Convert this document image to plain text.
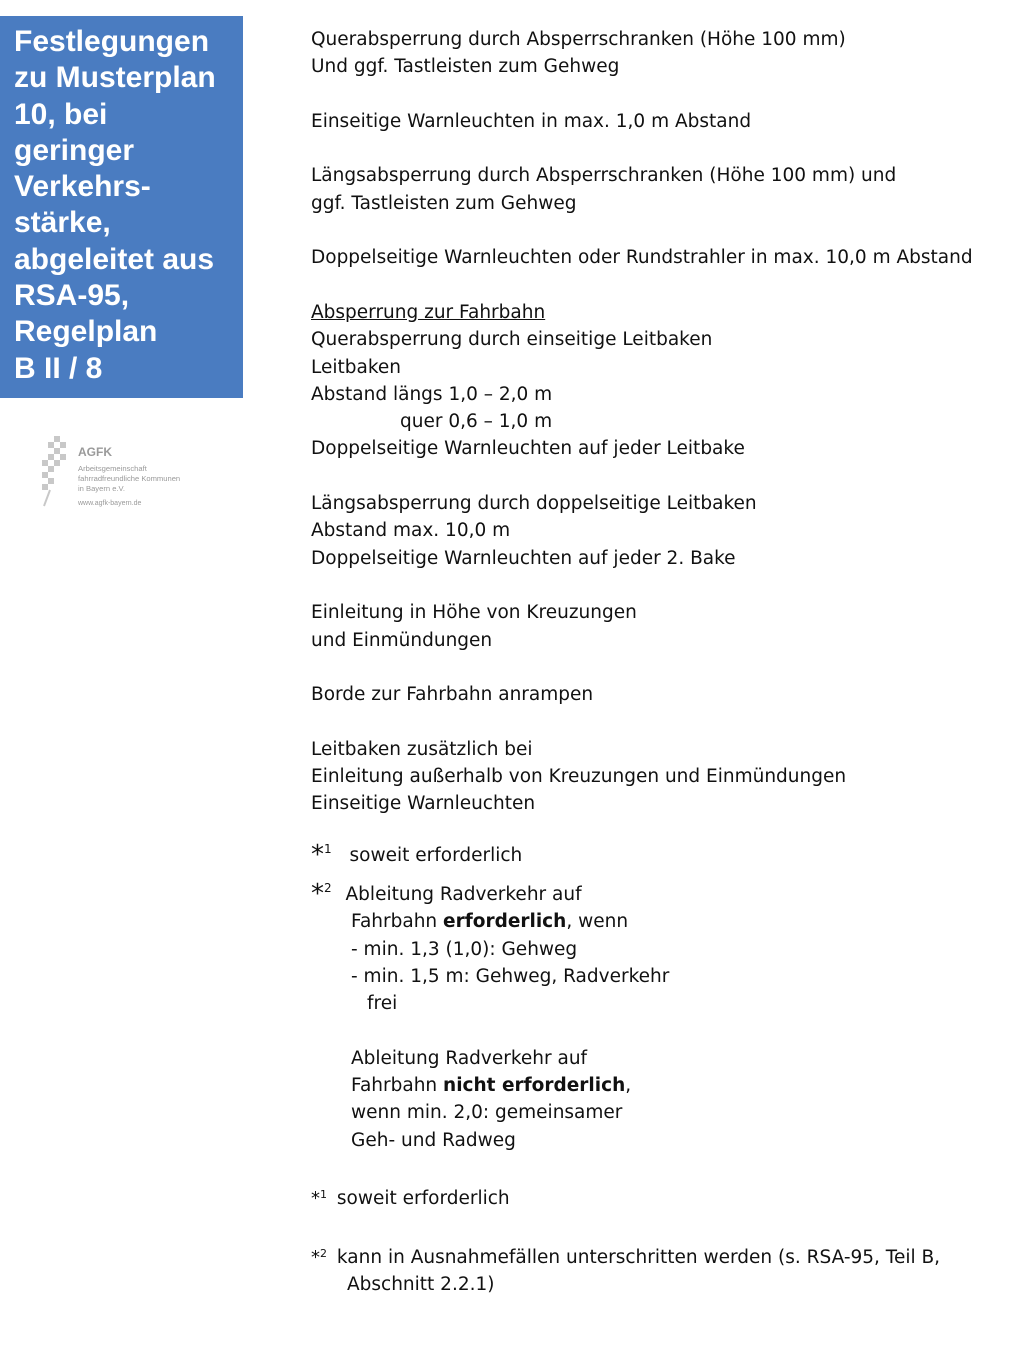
Festlegungen
zu Musterplan
10, bei
geringer
Verkehrs-
stärke,
abgeleitet aus
RSA-95,
Regelplan
B II / 8
AGFK
Arbeitsgemeinschaft
fahrradfreundliche Kommunen
in Bayern e.V.
www.agfk-bayern.de
Querabsperrung durch Absperrschranken (Höhe 100 mm)
Und ggf. Tastleisten zum Gehweg
Einseitige Warnleuchten in max. 1,0 m Abstand
Längsabsperrung durch Absperrschranken (Höhe 100 mm) und
ggf. Tastleisten zum Gehweg
Doppelseitige Warnleuchten oder Rundstrahler in max. 10,0 m Abstand
Absperrung zur Fahrbahn
Querabsperrung durch einseitige Leitbaken
Leitbaken
Abstand längs 1,0 – 2,0 m
quer 0,6 – 1,0 m
Doppelseitige Warnleuchten auf jeder Leitbake
Längsabsperrung durch doppelseitige Leitbaken
Abstand max. 10,0 m
Doppelseitige Warnleuchten auf jeder 2. Bake
Einleitung in Höhe von Kreuzungen
und Einmündungen
Borde zur Fahrbahn anrampen
Leitbaken zusätzlich bei
Einleitung außerhalb von Kreuzungen und Einmündungen
Einseitige Warnleuchten
*$^1$ soweit erforderlich
*$^2$ Ableitung Radverkehr auf
Fahrbahn erforderlich, wenn
- min. 1,3 (1,0): Gehweg
- min. 1,5 m: Gehweg, Radverkehr
frei
Ableitung Radverkehr auf
Fahrbahn nicht erforderlich,
wenn min. 2,0: gemeinsamer
Geh- und Radweg
*$^1$ soweit erforderlich
*$^2$ kann in Ausnahmefällen unterschritten werden (s. RSA-95, Teil B,
Abschnitt 2.2.1)
